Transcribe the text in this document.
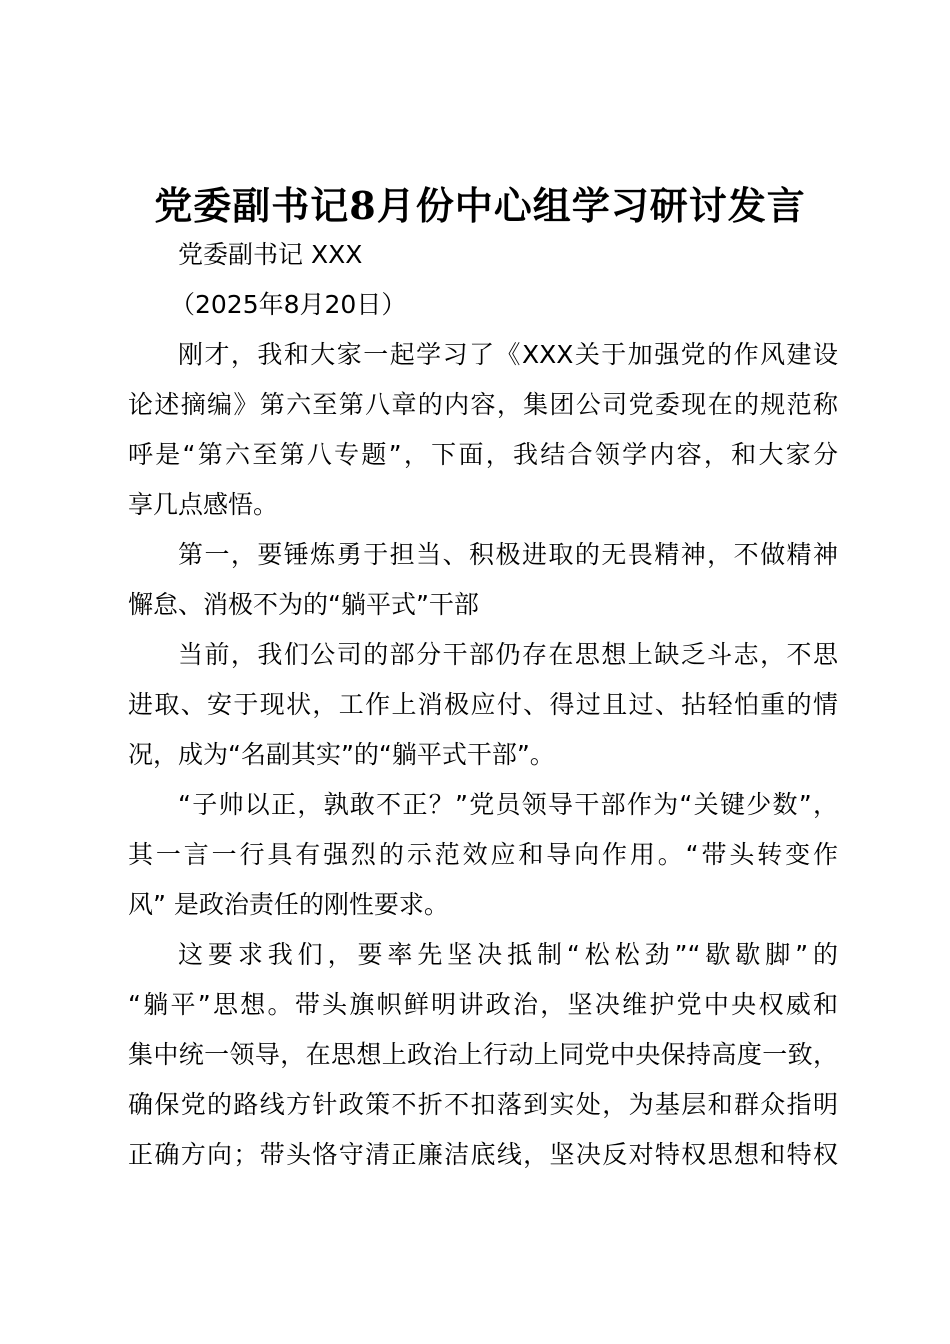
党委副书记8月份中心组学习研讨发言
党委副书记 XXX
（2025年8月20日）
刚才，我和大家一起学习了《XXX关于加强党的作风建设
论述摘编》第六至第八章的内容，集团公司党委现在的规范称
呼是“第六至第八专题”，下面，我结合领学内容，和大家分
享几点感悟。
第一，要锤炼勇于担当、积极进取的无畏精神，不做精神
懈怠、消极不为的“躺平式”干部
当前，我们公司的部分干部仍存在思想上缺乏斗志，不思
进取、安于现状，工作上消极应付、得过且过、拈轻怕重的情
况，成为“名副其实”的“躺平式干部”。
“子帅以正，孰敢不正？”党员领导干部作为“关键少数”，
其一言一行具有强烈的示范效应和导向作用。“带头转变作
风” 是政治责任的刚性要求。
这要求我们，要率先坚决抵制“松松劲”“歇歇脚”的
“躺平”思想。带头旗帜鲜明讲政治，坚决维护党中央权威和
集中统一领导，在思想上政治上行动上同党中央保持高度一致，
确保党的路线方针政策不折不扣落到实处，为基层和群众指明
正确方向；带头恪守清正廉洁底线，坚决反对特权思想和特权
